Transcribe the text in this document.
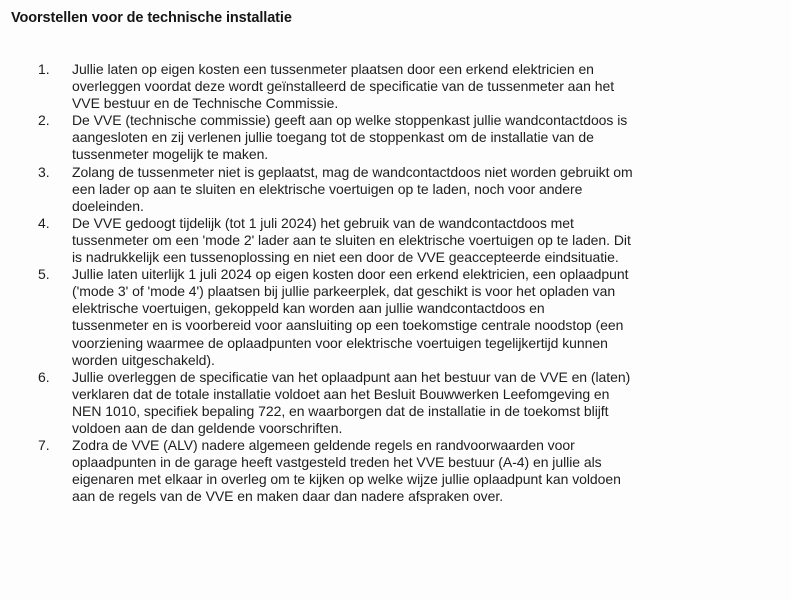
Voorstellen voor de technische installatie
1. Jullie laten op eigen kosten een tussenmeter plaatsen door een erkend elektricien en
overleggen voordat deze wordt geïnstalleerd de specificatie van de tussenmeter aan het
VVE bestuur en de Technische Commissie.
2. De VVE (technische commissie) geeft aan op welke stoppenkast jullie wandcontactdoos is
aangesloten en zij verlenen jullie toegang tot de stoppenkast om de installatie van de
tussenmeter mogelijk te maken.
3. Zolang de tussenmeter niet is geplaatst, mag de wandcontactdoos niet worden gebruikt om
een lader op aan te sluiten en elektrische voertuigen op te laden, noch voor andere
doeleinden.
4. De VVE gedoogt tijdelijk (tot 1 juli 2024) het gebruik van de wandcontactdoos met
tussenmeter om een 'mode 2' lader aan te sluiten en elektrische voertuigen op te laden. Dit
is nadrukkelijk een tussenoplossing en niet een door de VVE geaccepteerde eindsituatie.
5. Jullie laten uiterlijk 1 juli 2024 op eigen kosten door een erkend elektricien, een oplaadpunt
('mode 3' of 'mode 4') plaatsen bij jullie parkeerplek, dat geschikt is voor het opladen van
elektrische voertuigen, gekoppeld kan worden aan jullie wandcontactdoos en
tussenmeter en is voorbereid voor aansluiting op een toekomstige centrale noodstop (een
voorziening waarmee de oplaadpunten voor elektrische voertuigen tegelijkertijd kunnen
worden uitgeschakeld).
6. Jullie overleggen de specificatie van het oplaadpunt aan het bestuur van de VVE en (laten)
verklaren dat de totale installatie voldoet aan het Besluit Bouwwerken Leefomgeving en
NEN 1010, specifiek bepaling 722, en waarborgen dat de installatie in de toekomst blijft
voldoen aan de dan geldende voorschriften.
7. Zodra de VVE (ALV) nadere algemeen geldende regels en randvoorwaarden voor
oplaadpunten in de garage heeft vastgesteld treden het VVE bestuur (A-4) en jullie als
eigenaren met elkaar in overleg om te kijken op welke wijze jullie oplaadpunt kan voldoen
aan de regels van de VVE en maken daar dan nadere afspraken over.
